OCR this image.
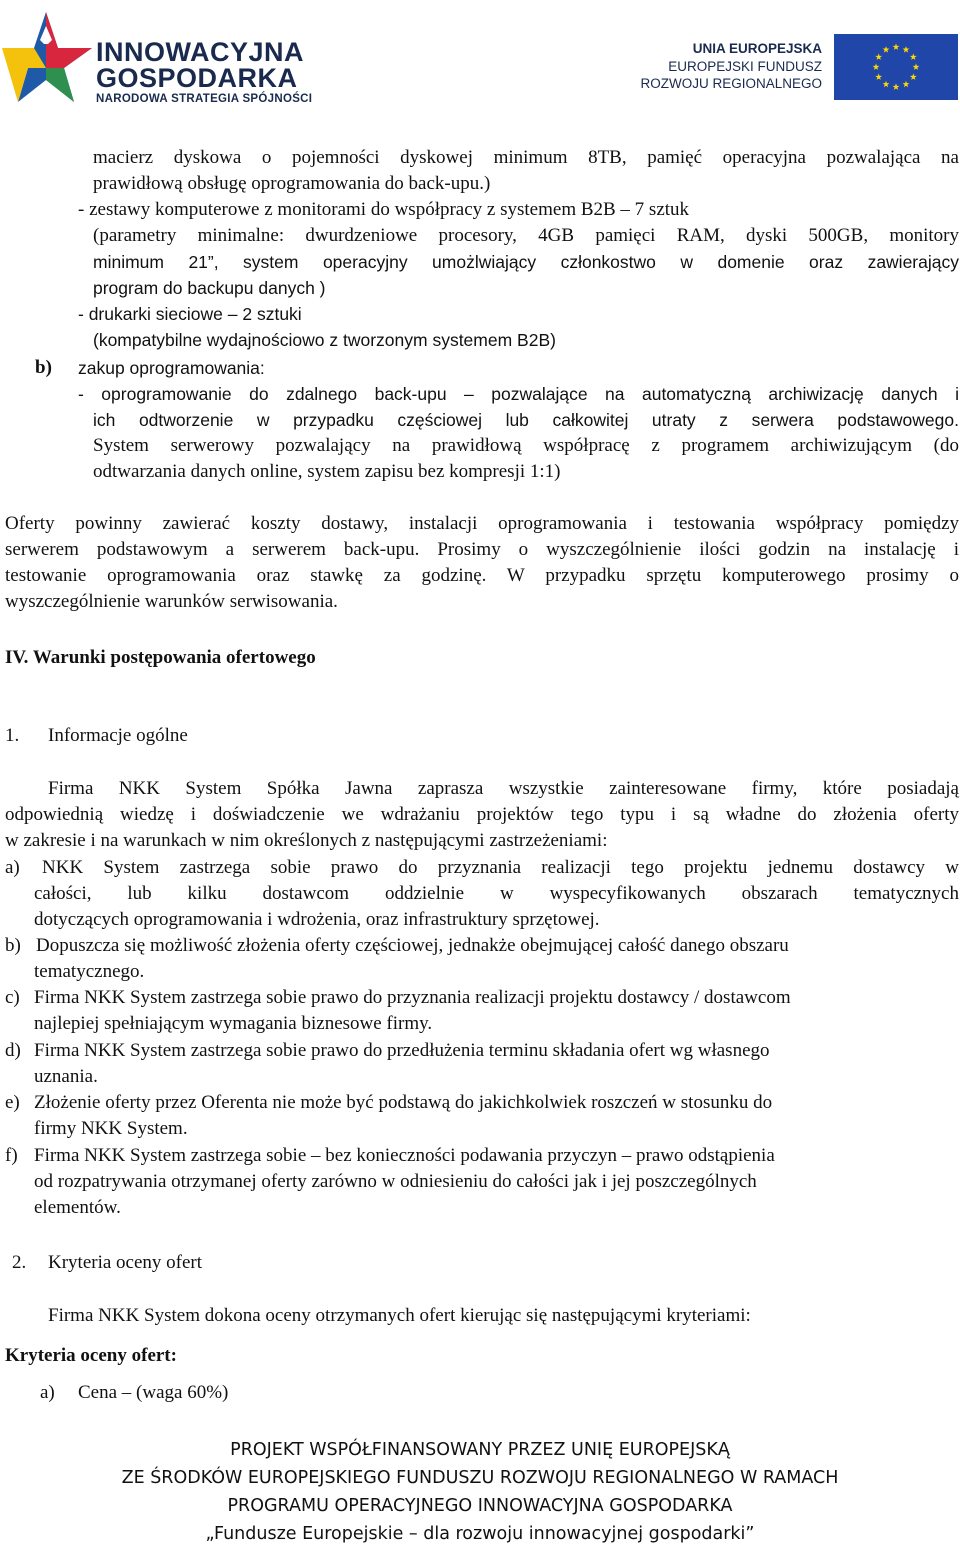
INNOWACYJNA
GOSPODARKA
NARODOWA STRATEGIA SPÓJNOŚCI
UNIA EUROPEJSKA
EUROPEJSKI FUNDUSZ
ROZWOJU REGIONALNEGO
macierz dyskowa o pojemności dyskowej minimum 8TB, pamięć operacyjna pozwalająca na
prawidłową obsługę oprogramowania do back-upu.)
- zestawy komputerowe z monitorami do współpracy z systemem B2B – 7 sztuk
(parametry minimalne: dwurdzeniowe procesory, 4GB pamięci RAM, dyski 500GB, monitory
minimum 21”, system operacyjny umożlwiający członkostwo w domenie oraz zawierający
program do backupu danych )
- drukarki sieciowe – 2 sztuki
(kompatybilne wydajnościowo z tworzonym systemem B2B)
b) zakup oprogramowania:
- oprogramowanie do zdalnego back-upu – pozwalające na automatyczną archiwizację danych i
ich odtworzenie w przypadku częściowej lub całkowitej utraty z serwera podstawowego.
System serwerowy pozwalający na prawidłową współpracę z programem archiwizującym (do
odtwarzania danych online, system zapisu bez kompresji 1:1)
Oferty powinny zawierać koszty dostawy, instalacji oprogramowania i testowania współpracy pomiędzy
serwerem podstawowym a serwerem back-upu. Prosimy o wyszczególnienie ilości godzin na instalację i
testowanie oprogramowania oraz stawkę za godzinę. W przypadku sprzętu komputerowego prosimy o
wyszczególnienie warunków serwisowania.
IV. Warunki postępowania ofertowego
1. Informacje ogólne
Firma NKK System Spółka Jawna zaprasza wszystkie zainteresowane firmy, które posiadają
odpowiednią wiedzę i doświadczenie we wdrażaniu projektów tego typu i są władne do złożenia oferty
w zakresie i na warunkach w nim określonych z następującymi zastrzeżeniami:
a) NKK System zastrzega sobie prawo do przyznania realizacji tego projektu jednemu dostawcy w
całości, lub kilku dostawcom oddzielnie w wyspecyfikowanych obszarach tematycznych
dotyczących oprogramowania i wdrożenia, oraz infrastruktury sprzętowej.
b) Dopuszcza się możliwość złożenia oferty częściowej, jednakże obejmującej całość danego obszaru
tematycznego.
c) Firma NKK System zastrzega sobie prawo do przyznania realizacji projektu dostawcy / dostawcom
najlepiej spełniającym wymagania biznesowe firmy.
d) Firma NKK System zastrzega sobie prawo do przedłużenia terminu składania ofert wg własnego
uznania.
e) Złożenie oferty przez Oferenta nie może być podstawą do jakichkolwiek roszczeń w stosunku do
firmy NKK System.
f) Firma NKK System zastrzega sobie – bez konieczności podawania przyczyn – prawo odstąpienia
od rozpatrywania otrzymanej oferty zarówno w odniesieniu do całości jak i jej poszczególnych
elementów.
2. Kryteria oceny ofert
Firma NKK System dokona oceny otrzymanych ofert kierując się następującymi kryteriami:
Kryteria oceny ofert:
a) Cena – (waga 60%)
PROJEKT WSPÓŁFINANSOWANY PRZEZ UNIĘ EUROPEJSKĄ
ZE ŚRODKÓW EUROPEJSKIEGO FUNDUSZU ROZWOJU REGIONALNEGO W RAMACH
PROGRAMU OPERACYJNEGO INNOWACYJNA GOSPODARKA
„Fundusze Europejskie – dla rozwoju innowacyjnej gospodarki”
